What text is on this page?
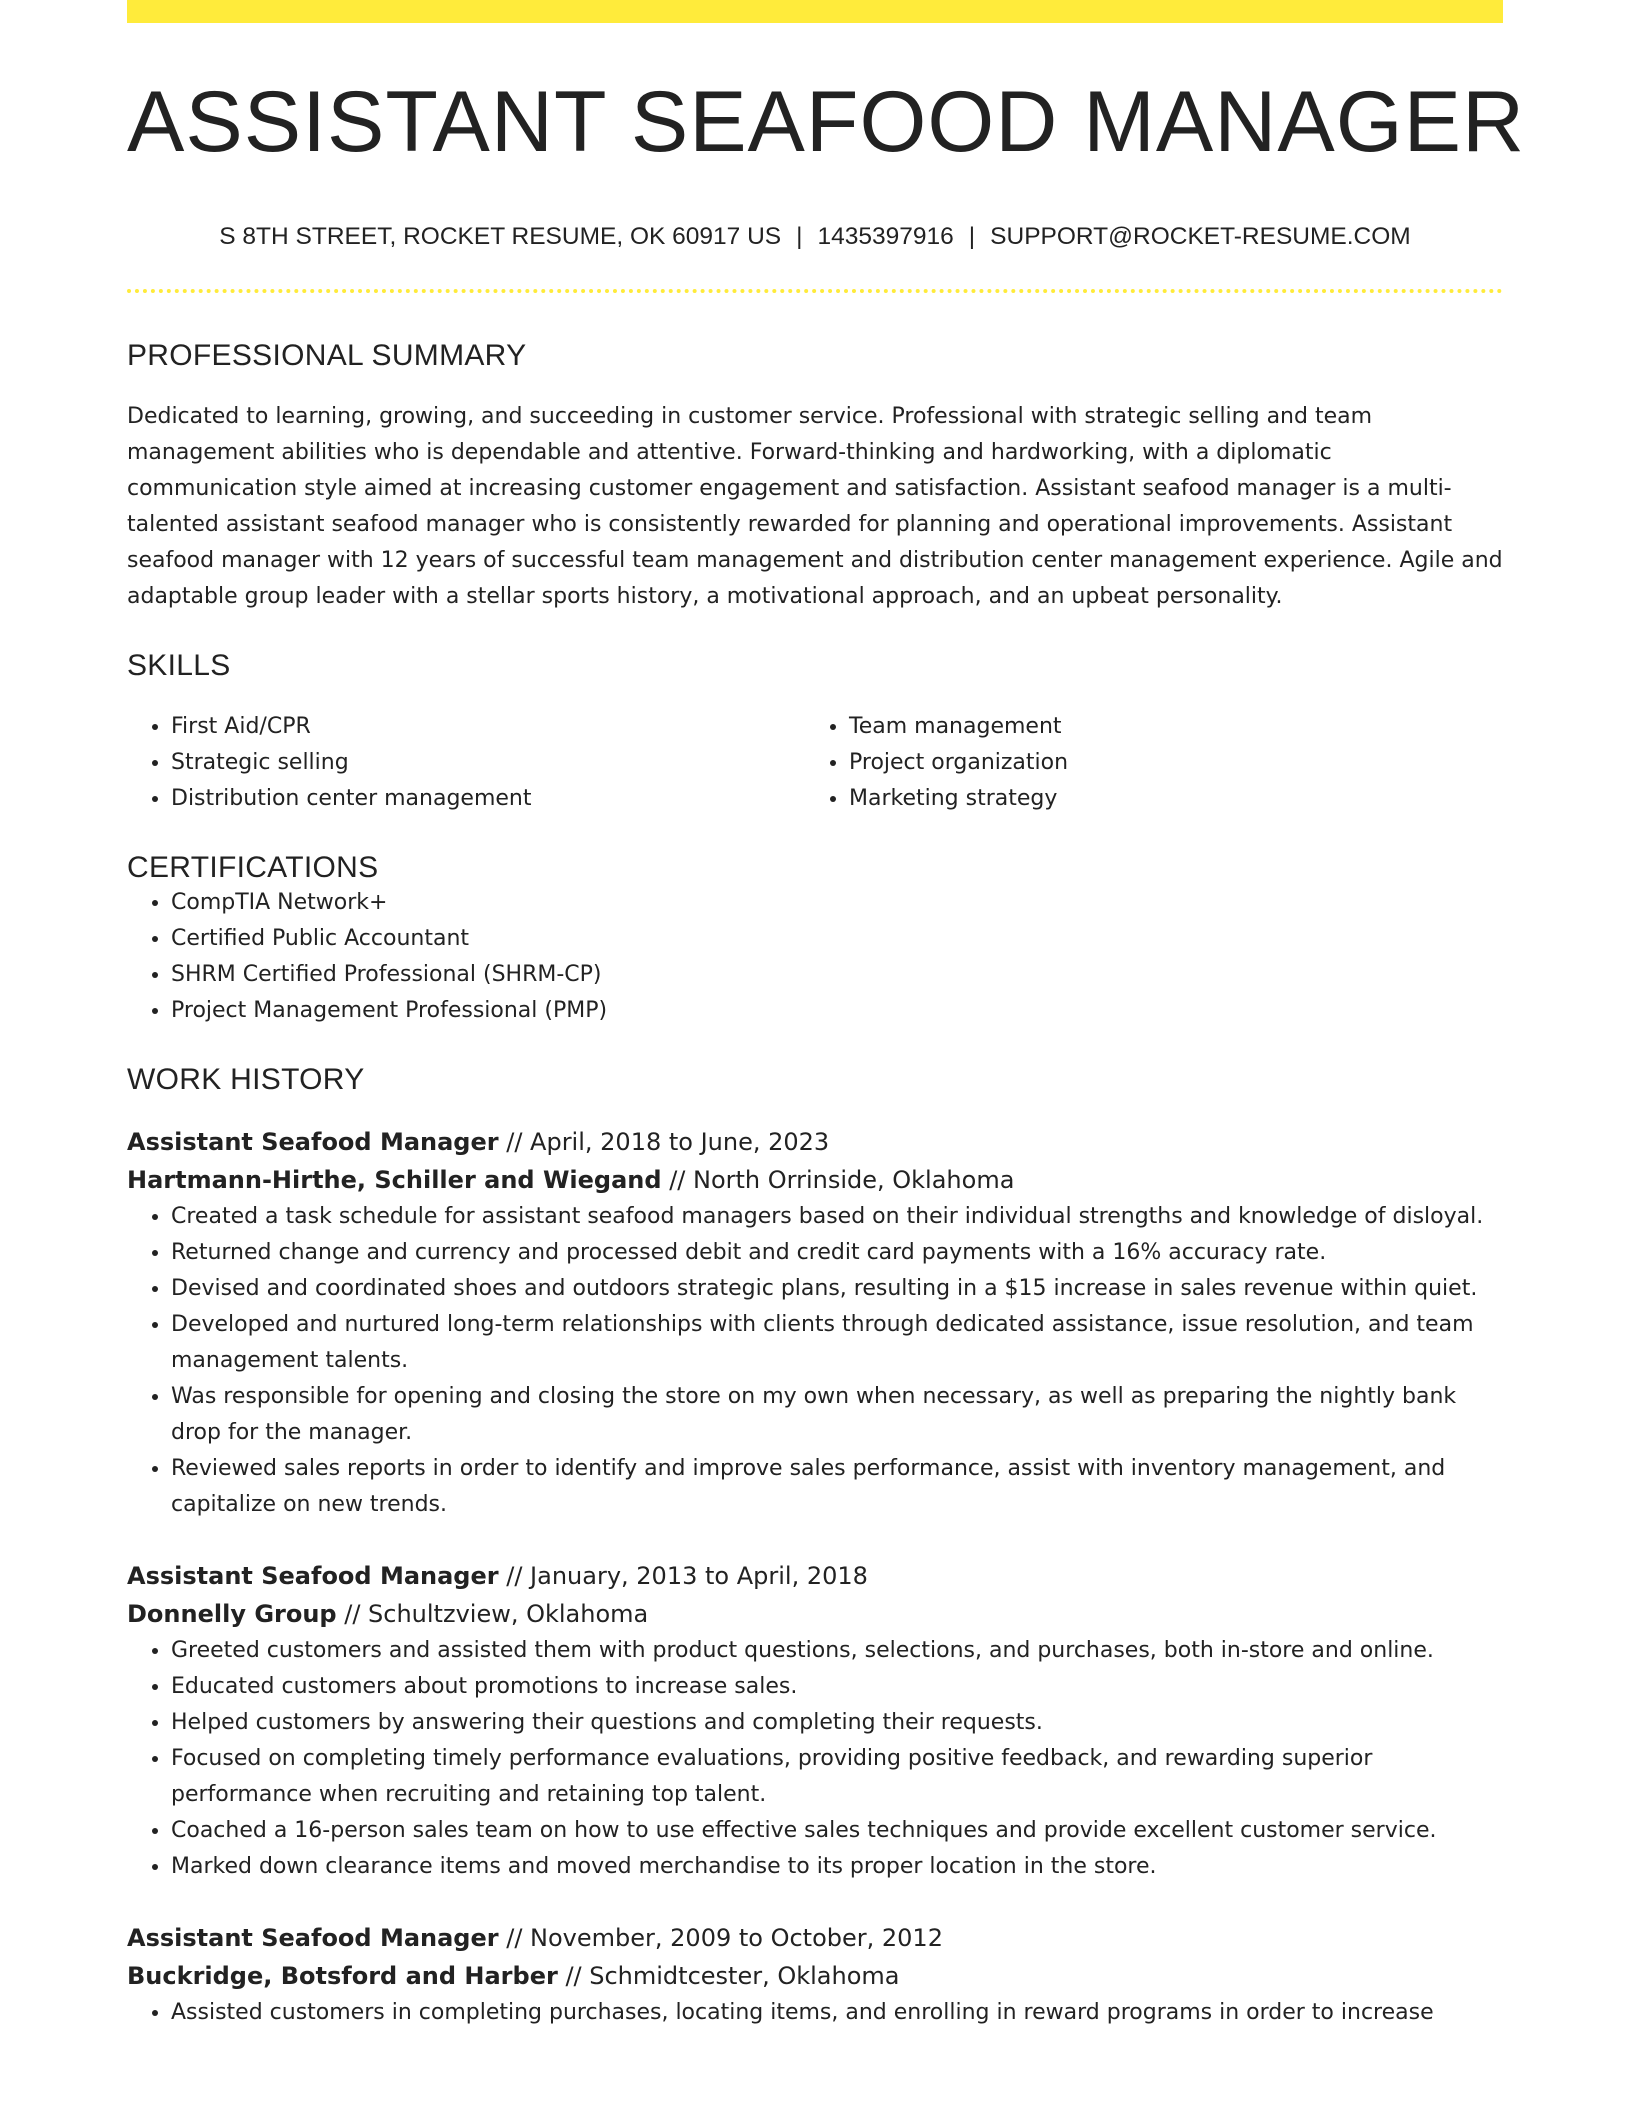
ASSISTANT SEAFOOD MANAGER
S 8TH STREET, ROCKET RESUME, OK 60917 US | 1435397916 | SUPPORT@ROCKET-RESUME.COM
PROFESSIONAL SUMMARY
Dedicated to learning, growing, and succeeding in customer service. Professional with strategic selling and team management abilities who is dependable and attentive. Forward-thinking and hardworking, with a diplomatic communication style aimed at increasing customer engagement and satisfaction. Assistant seafood manager is a multi-talented assistant seafood manager who is consistently rewarded for planning and operational improvements. Assistant seafood manager with 12 years of successful team management and distribution center management experience. Agile and adaptable group leader with a stellar sports history, a motivational approach, and an upbeat personality.
SKILLS
• First Aid/CPR
• Strategic selling
• Distribution center management
• Team management
• Project organization
• Marketing strategy
CERTIFICATIONS
• CompTIA Network+
• Certified Public Accountant
• SHRM Certified Professional (SHRM-CP)
• Project Management Professional (PMP)
WORK HISTORY
Assistant Seafood Manager // April, 2018 to June, 2023
Hartmann-Hirthe, Schiller and Wiegand // North Orrinside, Oklahoma
• Created a task schedule for assistant seafood managers based on their individual strengths and knowledge of disloyal.
• Returned change and currency and processed debit and credit card payments with a 16% accuracy rate.
• Devised and coordinated shoes and outdoors strategic plans, resulting in a $15 increase in sales revenue within quiet.
• Developed and nurtured long-term relationships with clients through dedicated assistance, issue resolution, and team management talents.
• Was responsible for opening and closing the store on my own when necessary, as well as preparing the nightly bank drop for the manager.
• Reviewed sales reports in order to identify and improve sales performance, assist with inventory management, and capitalize on new trends.
Assistant Seafood Manager // January, 2013 to April, 2018
Donnelly Group // Schultzview, Oklahoma
• Greeted customers and assisted them with product questions, selections, and purchases, both in-store and online.
• Educated customers about promotions to increase sales.
• Helped customers by answering their questions and completing their requests.
• Focused on completing timely performance evaluations, providing positive feedback, and rewarding superior performance when recruiting and retaining top talent.
• Coached a 16-person sales team on how to use effective sales techniques and provide excellent customer service.
• Marked down clearance items and moved merchandise to its proper location in the store.
Assistant Seafood Manager // November, 2009 to October, 2012
Buckridge, Botsford and Harber // Schmidtcester, Oklahoma
• Assisted customers in completing purchases, locating items, and enrolling in reward programs in order to increase
